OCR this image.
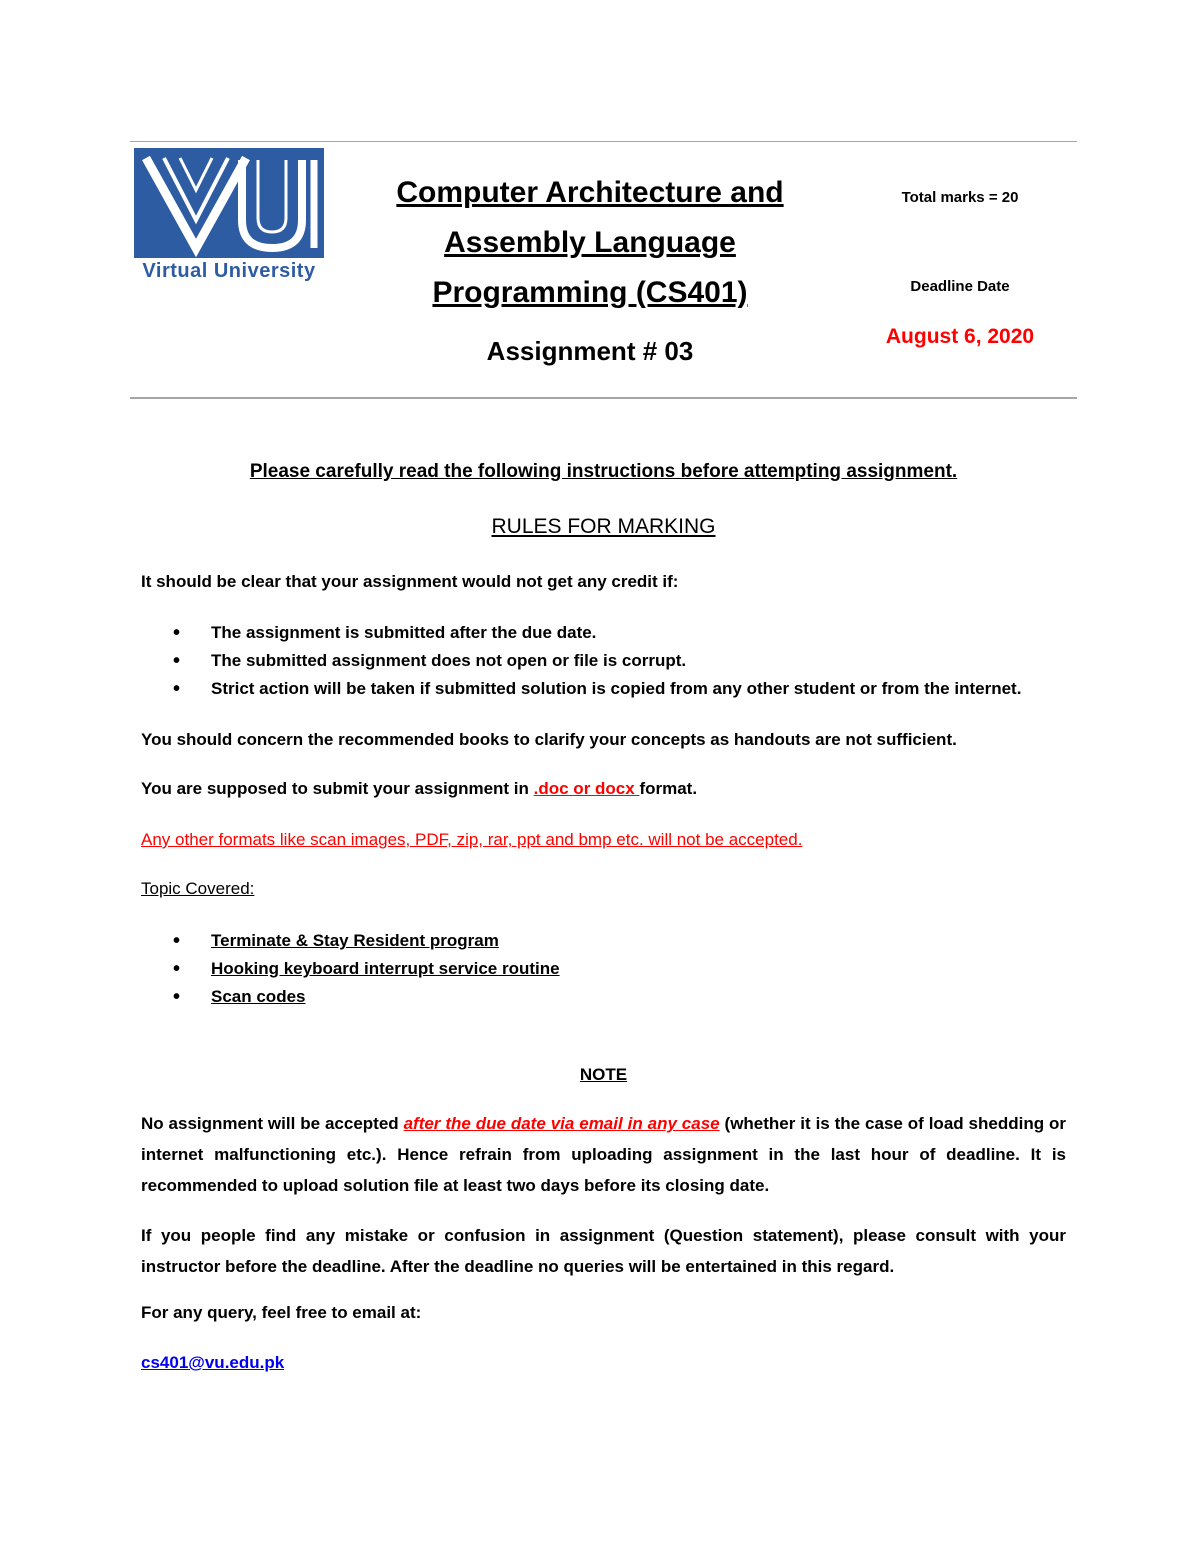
Virtual University
Computer Architecture and
Assembly Language
Programming (CS401)
Assignment # 03
Total marks = 20
Deadline Date
August 6, 2020
Please carefully read the following instructions before attempting assignment.
RULES FOR MARKING
It should be clear that your assignment would not get any credit if:
• The assignment is submitted after the due date.
• The submitted assignment does not open or file is corrupt.
• Strict action will be taken if submitted solution is copied from any other student or from the internet.
You should concern the recommended books to clarify your concepts as handouts are not sufficient.
You are supposed to submit your assignment in .doc or docx format.
Any other formats like scan images, PDF, zip, rar, ppt and bmp etc. will not be accepted.
Topic Covered:
• Terminate & Stay Resident program
• Hooking keyboard interrupt service routine
• Scan codes
NOTE
No assignment will be accepted after the due date via email in any case (whether it is the case of load shedding or internet malfunctioning etc.). Hence refrain from uploading assignment in the last hour of deadline. It is recommended to upload solution file at least two days before its closing date.
If you people find any mistake or confusion in assignment (Question statement), please consult with your instructor before the deadline. After the deadline no queries will be entertained in this regard.
For any query, feel free to email at:
cs401@vu.edu.pk
